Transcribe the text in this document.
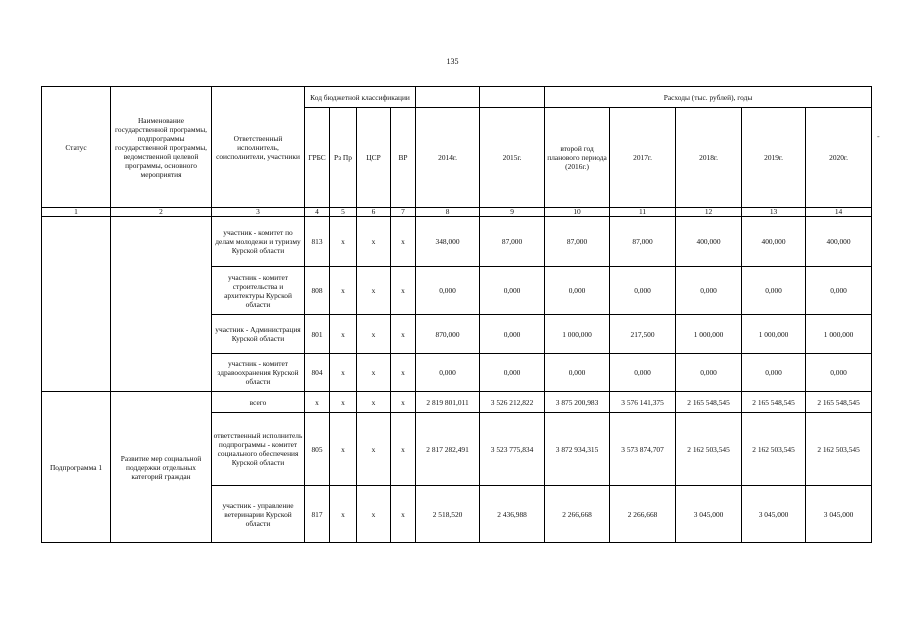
135
-
Статус	Наименование государственной программы, подпрограммы государственной программы, ведомственной целевой программы, основного мероприятия	Ответственный исполнитель, соисполнители, участники	Код бюджетной классификации						Расходы (тыс. рублей), годы				
			ГРБС	Рз Пр	ЦСР	ВР	2014г.	2015г.	второй год планового периода (2016г.)	2017г.	2018г.	2019г.	2020г.
1	2	3	4	5	6	7	8	9	10	11	12	13	14
		участник - комитет по делам молодежи и туризму Курской области	813	х	х	х	348,000	87,000	87,000	87,000	400,000	400,000	400,000
		участник - комитет строительства и архитектуры Курской области	808	х	х	х	0,000	0,000	0,000	0,000	0,000	0,000	0,000
		участник - Администрация Курской области	801	х	х	х	870,000	0,000	1 000,000	217,500	1 000,000	1 000,000	1 000,000
		участник - комитет здравоохранения Курской области	804	х	х	х	0,000	0,000	0,000	0,000	0,000	0,000	0,000
Подпрограмма 1	Развитие мер социальной поддержки отдельных категорий граждан	всего	х	х	х	х	2 819 801,011	3 526 212,822	3 875 200,983	3 576 141,375	2 165 548,545	2 165 548,545	2 165 548,545
		ответственный исполнитель подпрограммы - комитет социального обеспечения Курской области	805	х	х	х	2 817 282,491	3 523 775,834	3 872 934,315	3 573 874,707	2 162 503,545	2 162 503,545	2 162 503,545
		участник - управление ветеринарии Курской области	817	х	х	х	2 518,520	2 436,988	2 266,668	2 266,668	3 045,000	3 045,000	3 045,000
